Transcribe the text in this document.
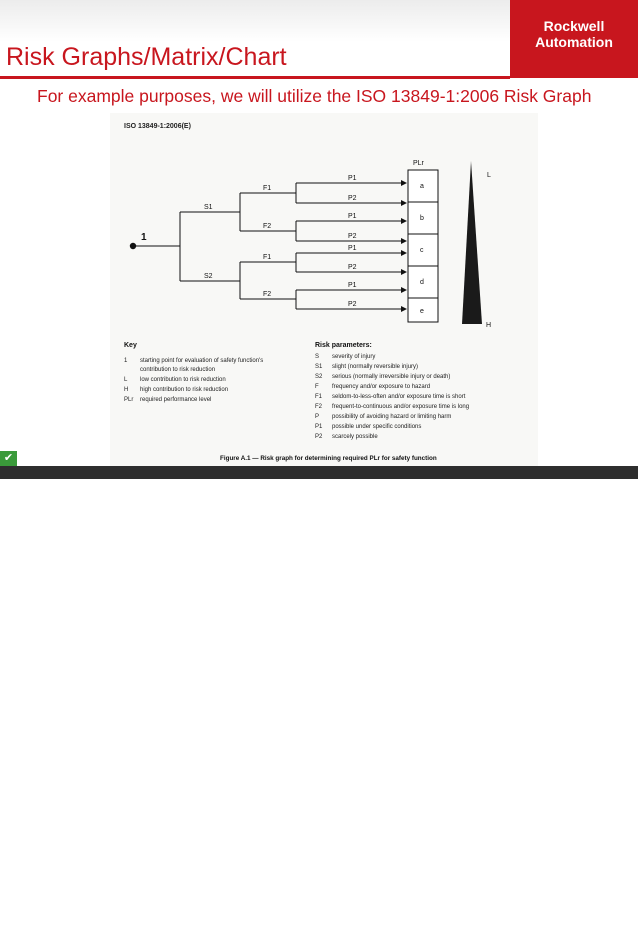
Rockwell
Automation
Risk Graphs/Matrix/Chart
For example purposes, we will utilize the ISO 13849-1:2006 Risk Graph
ISO 13849-1:2006(E)
1
S1
S2
F1
F2
F1
F2
P1
P2
P1
P2
P1
P2
P1
P2
PLr
a
b
c
d
e
L
H
Key
1 starting point for evaluation of safety function's
contribution to risk reduction
L low contribution to risk reduction
H high contribution to risk reduction
PLr required performance level
Risk parameters:
S severity of injury
S1 slight (normally reversible injury)
S2 serious (normally irreversible injury or death)
F frequency and/or exposure to hazard
F1 seldom-to-less-often and/or exposure time is short
F2 frequent-to-continuous and/or exposure time is long
P possibility of avoiding hazard or limiting harm
P1 possible under specific conditions
P2 scarcely possible
Figure A.1 — Risk graph for determining required PLr for safety function
PUBLIC INFORMATION	Copyright © 2014 Rockwell Automation, Inc. All Rights Reserved.	34
✔
